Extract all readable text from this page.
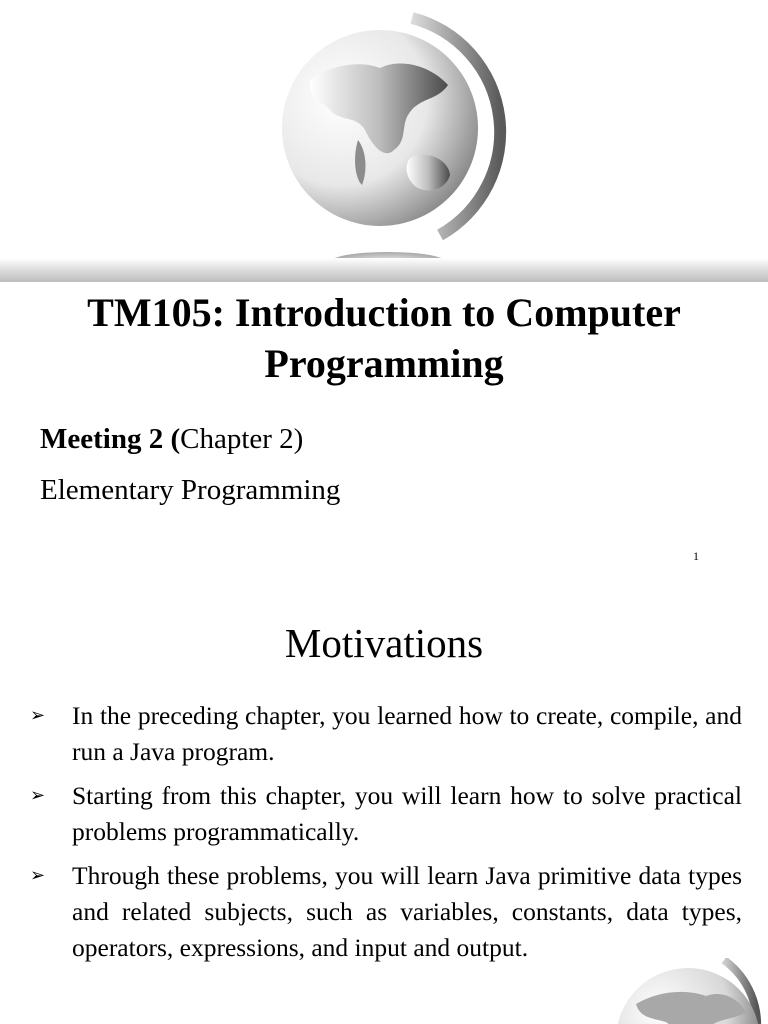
TM105: Introduction to Computer
Programming
Meeting 2 (Chapter 2)
Elementary Programming
1
Motivations
➢ In the preceding chapter, you learned how to create, compile, and run a Java program.
➢ Starting from this chapter, you will learn how to solve practical problems programmatically.
➢ Through these problems, you will learn Java primitive data types and related subjects, such as variables, constants, data types, operators, expressions, and input and output.
